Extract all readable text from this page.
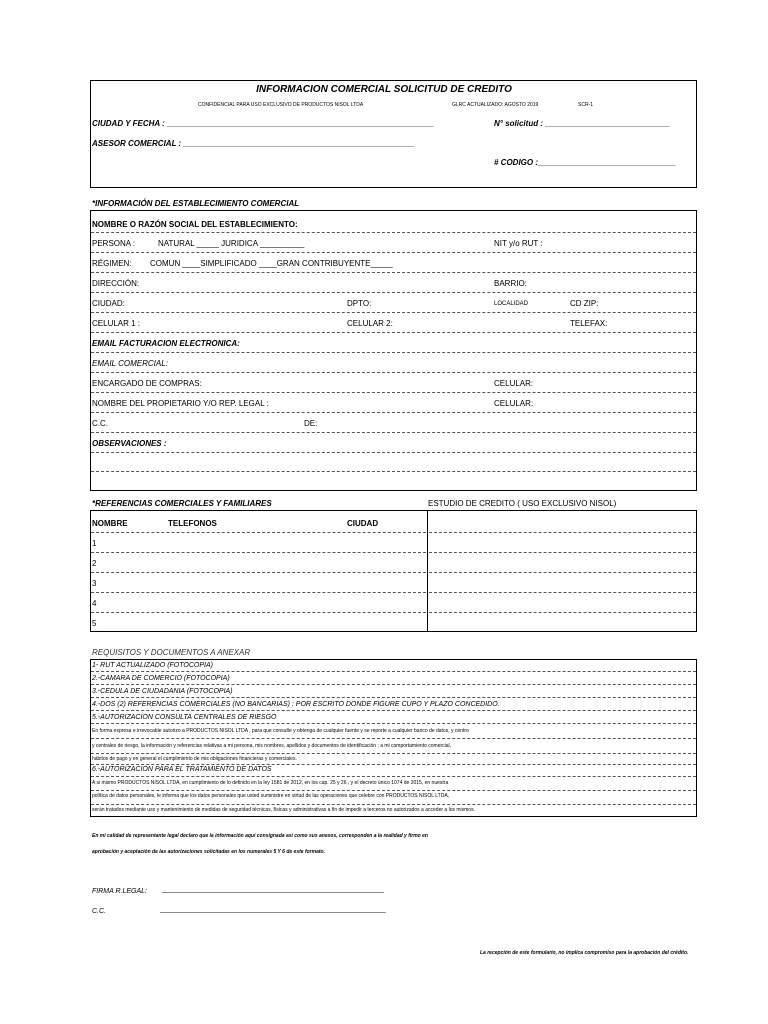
INFORMACION COMERCIAL SOLICITUD DE CREDITO
CONFIDENCIAL PARA USO EXCLUSIVO DE PRODUCTOS NISOL LTDA	GLRC ACTUALIZADO: AGOSTO 2019	SCR-1
CIUDAD Y FECHA : ____________________________________________________________	N° solicitud : ____________________________
ASESOR COMERCIAL : ____________________________________________________
# CODIGO :_______________________________
*INFORMACIÓN DEL ESTABLECIMIENTO COMERCIAL
NOMBRE O RAZÓN SOCIAL DEL ESTABLECIMIENTO:
PERSONA :	NATURAL _____ JURIDICA __________	NIT y/o RUT :
RÉGIMEN: COMUN ____SIMPLIFICADO ____GRAN CONTRIBUYENTE_____
DIRECCIÓN:	BARRIO:
CIUDAD:	DPTO:	LOCALIDAD	CD ZIP:
CELULAR 1 :	CELULAR 2:	TELEFAX:
EMAIL FACTURACION ELECTRONICA:
EMAIL COMERCIAL:
ENCARGADO DE COMPRAS:	CELULAR:
NOMBRE DEL PROPIETARIO Y/O REP. LEGAL :	CELULAR:
C.C.	DE:
OBSERVACIONES :
*REFERENCIAS COMERCIALES Y FAMILIARES	ESTUDIO DE CREDITO ( USO EXCLUSIVO NISOL)
NOMBRE	TELEFONOS	CIUDAD
1
2
3
4
5
REQUISITOS Y DOCUMENTOS A ANEXAR
1- RUT ACTUALIZADO (FOTOCOPIA)
2.-CAMARA DE COMERCIO (FOTOCOPIA)
3.-CEDULA DE CIUDADANIA (FOTOCOPIA)
4.-DOS (2) REFERENCIAS COMERCIALES (NO BANCARIAS) : POR ESCRITO DONDE FIGURE CUPO Y PLAZO CONCEDIDO.
5.-AUTORIZACION CONSULTA CENTRALES DE RIESGO
En forma expresa e irrevocable autorizo a PRODUCTOS NISOL LTDA , para que consulte y obtenga de cualquier fuente y se reporte a cualquier banco de datos, y centro
y centrales de riesgo, la información y referencias relativas a mi persona, mis nombres, apellidos y documentos de identificación ; a mi comportamiento comercial,
hábitos de pago y en general el cumplimiento de mis obligaciones financieras y comerciales.
6.-AUTORIZACION PARA EL TRATAMIENTO DE DATOS
A si mismo PRODUCTOS NISOL LTDA, en cumplimiento de lo definido en la ley 1581 de 2012, en los cap. 25 y 26 , y el decreto único 1074 de 2015, en nuestra
política de datos personales, le informa que los datos personales que usted suministre en virtud de las operaciones que celebre con PRODUCTOS NISOL LTDA,
serán tratados mediante uso y mantenimiento de medidas de seguridad técnicas, físicas y administrativas a fin de impedir a terceros no autorizados a acceder a los mismos.
En mi calidad de representante legal declaro que la información aquí consignada así como sus anexos, corresponden a la realidad y firmo en
aprobación y aceptación de las autorizaciones solicitadas en los numerales 5 Y 6 de este formato.
FIRMA R.LEGAL: _________________________________________________________
C.C.	__________________________________________________________
La recepción de este formulario, no implica compromiso para la aprobación del crédito.
